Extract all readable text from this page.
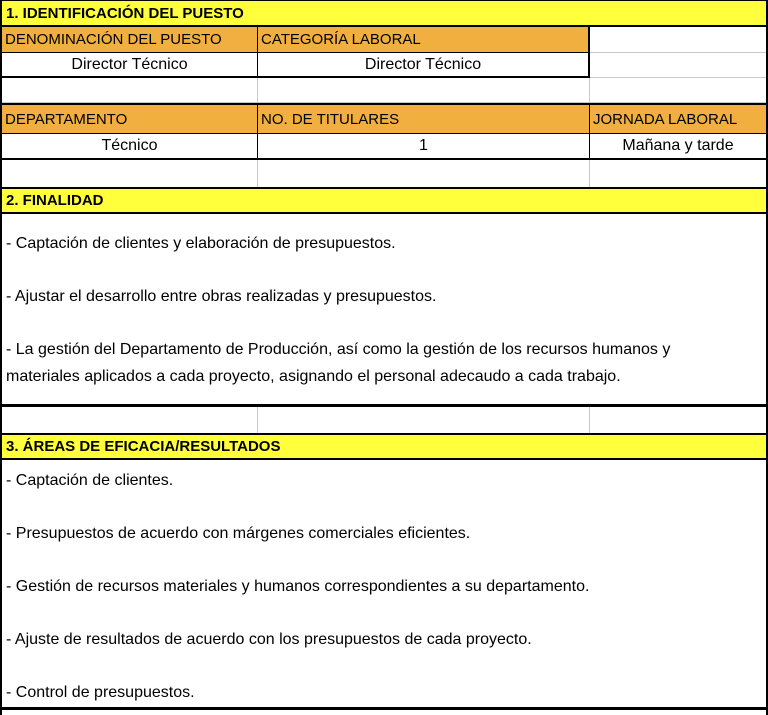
1. IDENTIFICACIÓN DEL PUESTO
DENOMINACIÓN DEL PUESTO	CATEGORÍA LABORAL
Director Técnico	Director Técnico
DEPARTAMENTO	NO. DE TITULARES	JORNADA LABORAL
Técnico	1	Mañana y tarde
2. FINALIDAD
- Captación de clientes y elaboración de presupuestos.
- Ajustar el desarrollo entre obras realizadas y presupuestos.
- La gestión del Departamento de Producción, así como la gestión de los recursos humanos y
materiales aplicados a cada proyecto, asignando el personal adecaudo a cada trabajo.
3. ÁREAS DE EFICACIA/RESULTADOS
- Captación de clientes.
- Presupuestos de acuerdo con márgenes comerciales eficientes.
- Gestión de recursos materiales y humanos correspondientes a su departamento.
- Ajuste de resultados de acuerdo con los presupuestos de cada proyecto.
- Control de presupuestos.
